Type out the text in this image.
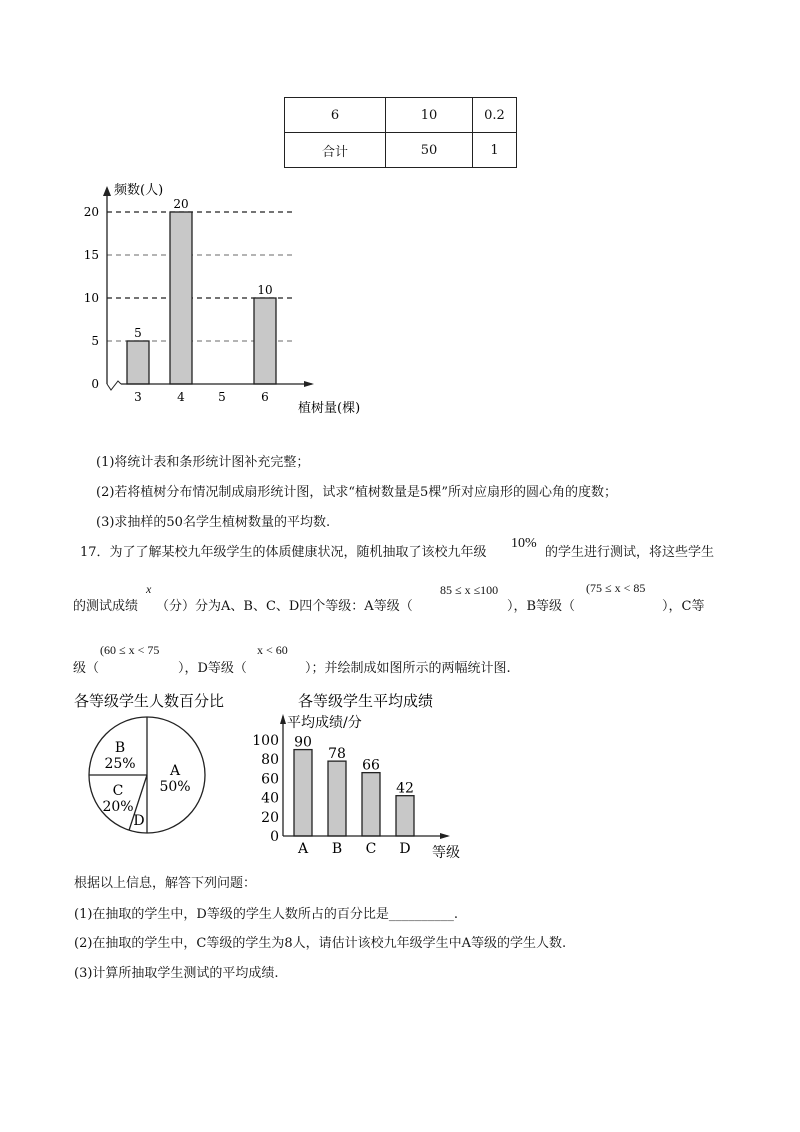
6	10	0.2
合计	50	1
0
5
10
15
20
5
3
20
4	5
10
6
频数(人)
植树量(棵)
各等级学生人数百分比
A
50%
D
C
20%
B
25%
各等级学生平均成绩
0
20
40
60
80
100 90
A
78
B
66
C
42
D
平均成绩/分
等级
(1)将统计表和条形统计图补充完整；
(2)若将植树分布情况制成扇形统计图，试求“植树数量是5棵”所对应扇形的圆心角的度数；
(3)求抽样的50名学生植树数量的平均数.
17．为了了解某校九年级学生的体质健康状况，随机抽取了该校九年级
10%
的学生进行测试，将这些学生
的测试成绩
x
（分）分为A、B、C、D四个等级：A等级（
85 ≤ x ≤100
），B等级（
(75 ≤ x < 85
），C等
级（
(60 ≤ x < 75
），D等级（
x < 60
）；并绘制成如图所示的两幅统计图.
根据以上信息，解答下列问题：
(1)在抽取的学生中，D等级的学生人数所占的百分比是__________.
(2)在抽取的学生中，C等级的学生为8人，请估计该校九年级学生中A等级的学生人数.
(3)计算所抽取学生测试的平均成绩.
